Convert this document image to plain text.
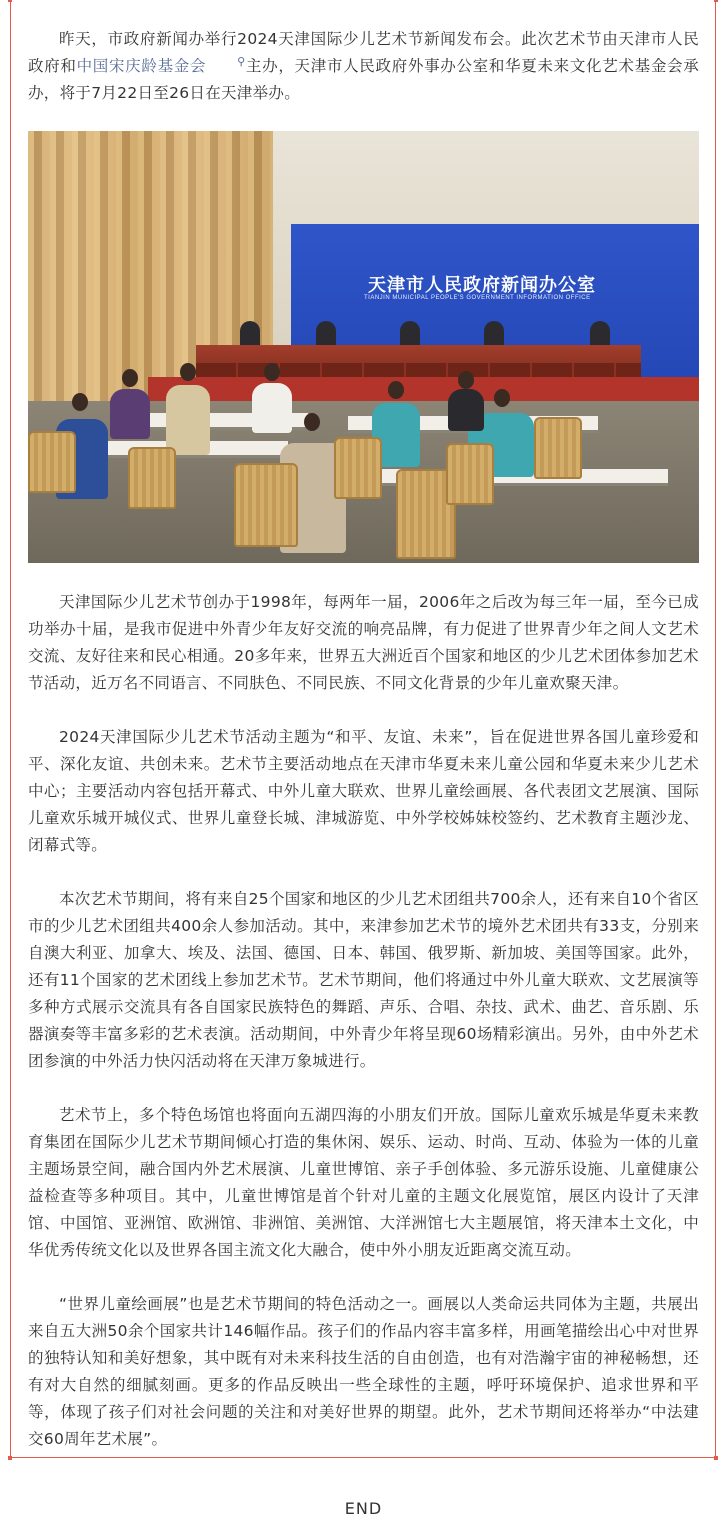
昨天，市政府新闻办举行2024天津国际少儿艺术节新闻发布会。此次艺术节由天津市人民政府和中国宋庆龄基金会	⚲主办，天津市人民政府外事办公室和华夏未来文化艺术基金会承办，将于7月22日至26日在天津举办。

天津市人民政府新闻办公室
TIANJIN MUNICIPAL PEOPLE'S GOVERNMENT INFORMATION OFFICE

天津国际少儿艺术节创办于1998年，每两年一届，2006年之后改为每三年一届，至今已成功举办十届，是我市促进中外青少年友好交流的响亮品牌，有力促进了世界青少年之间人文艺术交流、友好往来和民心相通。20多年来，世界五大洲近百个国家和地区的少儿艺术团体参加艺术节活动，近万名不同语言、不同肤色、不同民族、不同文化背景的少年儿童欢聚天津。

2024天津国际少儿艺术节活动主题为“和平、友谊、未来”，旨在促进世界各国儿童珍爱和平、深化友谊、共创未来。艺术节主要活动地点在天津市华夏未来儿童公园和华夏未来少儿艺术中心；主要活动内容包括开幕式、中外儿童大联欢、世界儿童绘画展、各代表团文艺展演、国际儿童欢乐城开城仪式、世界儿童登长城、津城游览、中外学校姊妹校签约、艺术教育主题沙龙、闭幕式等。

本次艺术节期间，将有来自25个国家和地区的少儿艺术团组共700余人，还有来自10个省区市的少儿艺术团组共400余人参加活动。其中，来津参加艺术节的境外艺术团共有33支，分别来自澳大利亚、加拿大、埃及、法国、德国、日本、韩国、俄罗斯、新加坡、美国等国家。此外，还有11个国家的艺术团线上参加艺术节。艺术节期间，他们将通过中外儿童大联欢、文艺展演等多种方式展示交流具有各自国家民族特色的舞蹈、声乐、合唱、杂技、武术、曲艺、音乐剧、乐器演奏等丰富多彩的艺术表演。活动期间，中外青少年将呈现60场精彩演出。另外，由中外艺术团参演的中外活力快闪活动将在天津万象城进行。

艺术节上，多个特色场馆也将面向五湖四海的小朋友们开放。国际儿童欢乐城是华夏未来教育集团在国际少儿艺术节期间倾心打造的集休闲、娱乐、运动、时尚、互动、体验为一体的儿童主题场景空间，融合国内外艺术展演、儿童世博馆、亲子手创体验、多元游乐设施、儿童健康公益检查等多种项目。其中，儿童世博馆是首个针对儿童的主题文化展览馆，展区内设计了天津馆、中国馆、亚洲馆、欧洲馆、非洲馆、美洲馆、大洋洲馆七大主题展馆，将天津本土文化，中华优秀传统文化以及世界各国主流文化大融合，使中外小朋友近距离交流互动。

“世界儿童绘画展”也是艺术节期间的特色活动之一。画展以人类命运共同体为主题，共展出来自五大洲50余个国家共计146幅作品。孩子们的作品内容丰富多样，用画笔描绘出心中对世界的独特认知和美好想象，其中既有对未来科技生活的自由创造，也有对浩瀚宇宙的神秘畅想，还有对大自然的细腻刻画。更多的作品反映出一些全球性的主题，呼吁环境保护、追求世界和平等，体现了孩子们对社会问题的关注和对美好世界的期望。此外，艺术节期间还将举办“中法建交60周年艺术展”。

END
